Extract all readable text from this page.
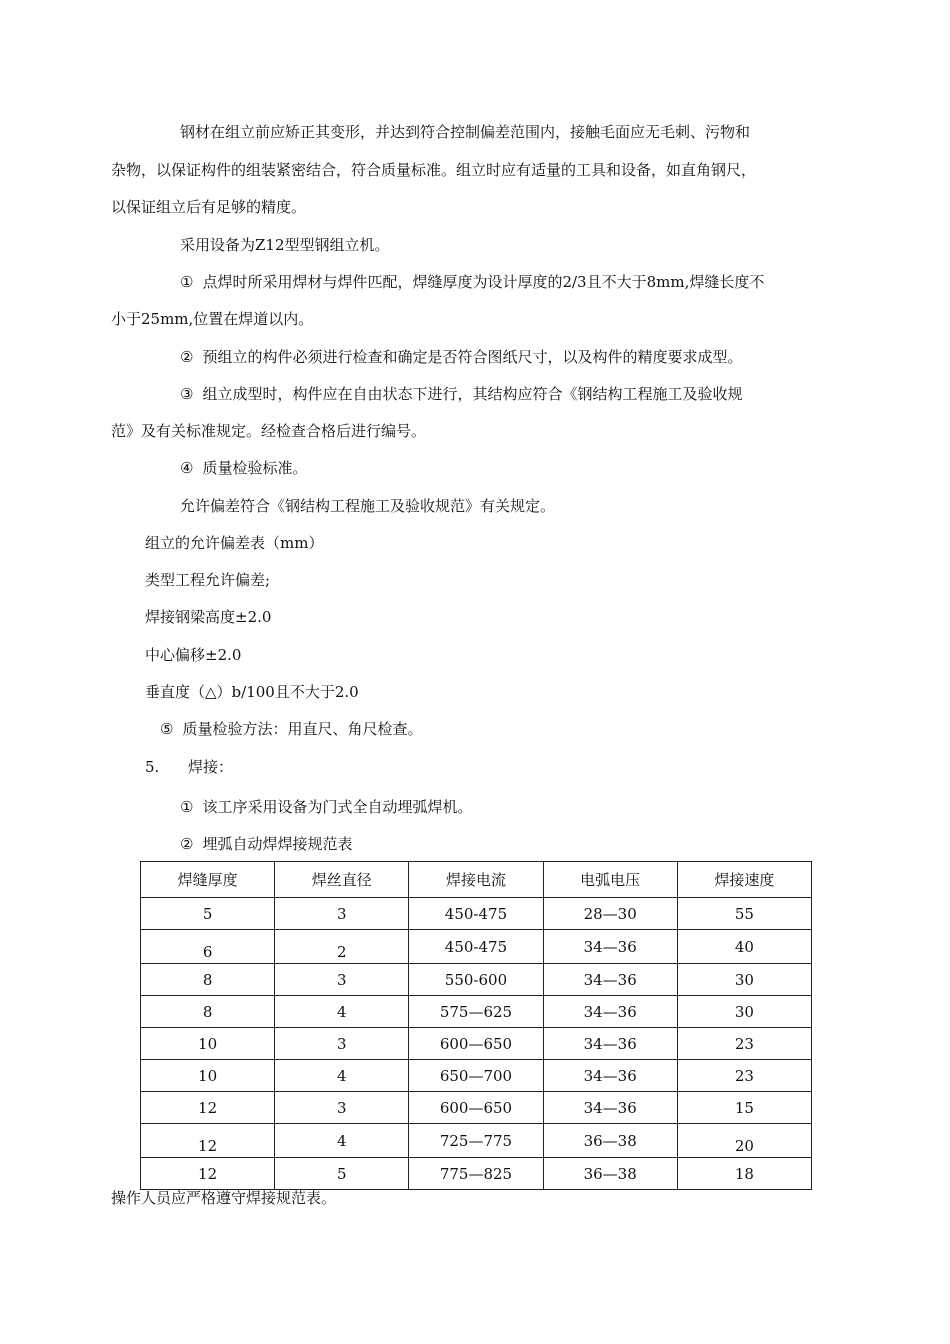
钢材在组立前应矫正其变形，并达到符合控制偏差范围内，接触毛面应无毛刺、污物和
杂物，以保证构件的组装紧密结合，符合质量标准。组立时应有适量的工具和设备，如直角钢尺，
以保证组立后有足够的精度。
采用设备为Z12型型钢组立机。
① 点焊时所采用焊材与焊件匹配，焊缝厚度为设计厚度的2/3且不大于8mm,焊缝长度不
小于25mm,位置在焊道以内。
② 预组立的构件必须进行检查和确定是否符合图纸尺寸，以及构件的精度要求成型。
③ 组立成型时，构件应在自由状态下进行，其结构应符合《钢结构工程施工及验收规
范》及有关标准规定。经检查合格后进行编号。
④ 质量检验标准。
允许偏差符合《钢结构工程施工及验收规范》有关规定。
组立的允许偏差表（mm）
类型工程允许偏差;
焊接钢梁高度±2.0
中心偏移±2.0
垂直度（△）b/100且不大于2.0
⑤ 质量检验方法：用直尺、角尺检查。
5. 焊接：
① 该工序采用设备为门式全自动埋弧焊机。
② 埋弧自动焊焊接规范表
焊缝厚度	焊丝直径	焊接电流	电弧电压	焊接速度
5	3	450-475	28—30	55
6	2	450-475	34—36	40
8	3	550-600	34—36	30
8	4	575—625	34—36	30
10	3	600—650	34—36	23
10	4	650—700	34—36	23
12	3	600—650	34—36	15
12	4	725—775	36—38	20
12	5	775—825	36—38	18
操作人员应严格遵守焊接规范表。
